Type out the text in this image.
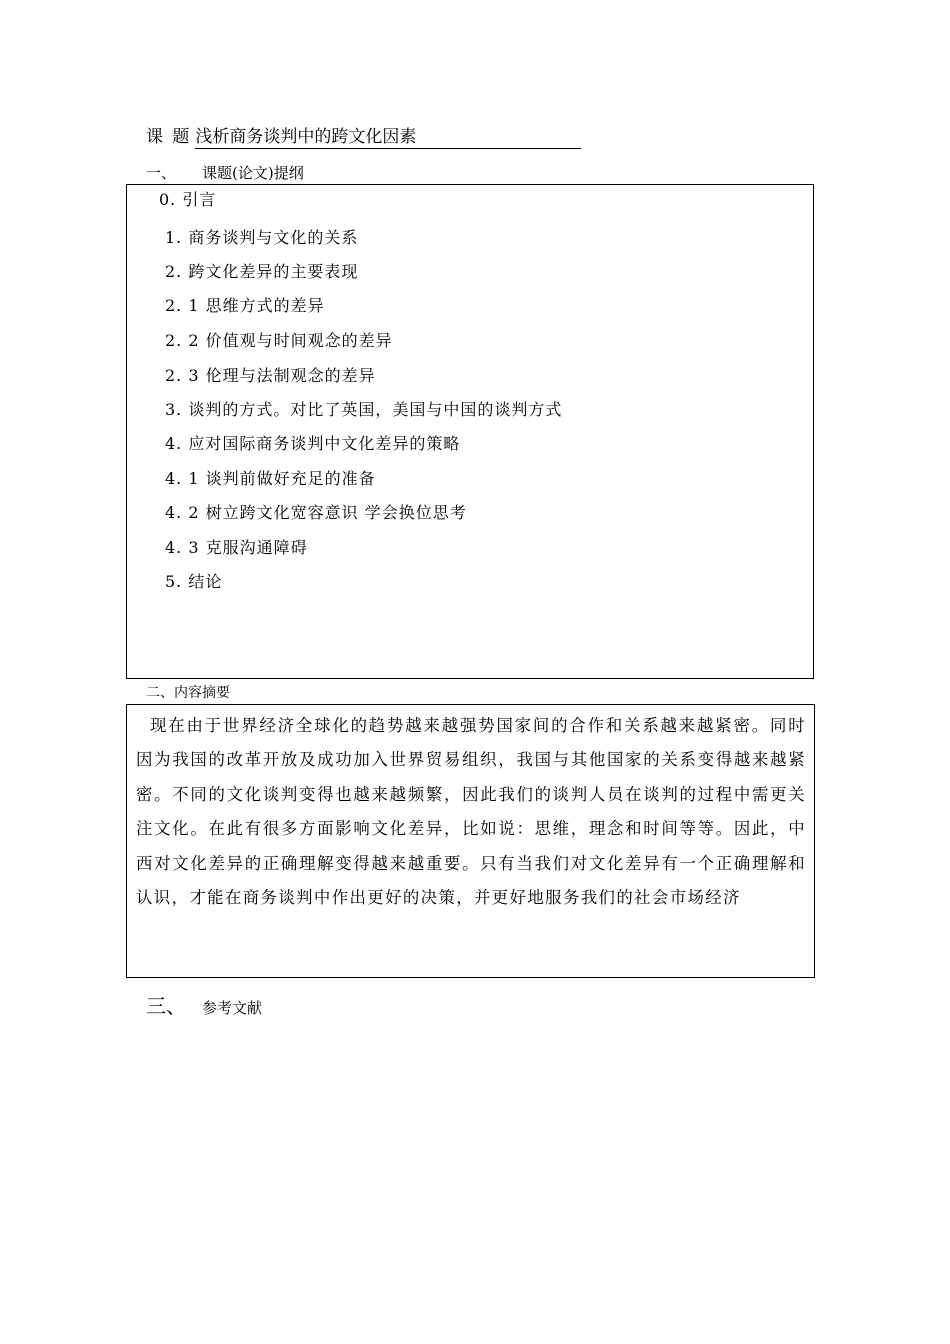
课 题 浅析商务谈判中的跨文化因素
一、 课题(论文)提纲
0. 引言
1. 商务谈判与文化的关系
2. 跨文化差异的主要表现
2. 1 思维方式的差异
2. 2 价值观与时间观念的差异
2. 3 伦理与法制观念的差异
3. 谈判的方式。对比了英国，美国与中国的谈判方式
4. 应对国际商务谈判中文化差异的策略
4. 1 谈判前做好充足的准备
4. 2 树立跨文化宽容意识 学会换位思考
4. 3 克服沟通障碍
5. 结论
二、内容摘要

现在由于世界经济全球化的趋势越来越强势国家间的合作和关系越来越紧密。同时因为我国的改革开放及成功加入世界贸易组织，我国与其他国家的关系变得越来越紧密。不同的文化谈判变得也越来越频繁，因此我们的谈判人员在谈判的过程中需更关注文化。在此有很多方面影响文化差异，比如说：思维，理念和时间等等。因此，中西对文化差异的正确理解变得越来越重要。只有当我们对文化差异有一个正确理解和认识，才能在商务谈判中作出更好的决策，并更好地服务我们的社会市场经济

三、 参考文献
